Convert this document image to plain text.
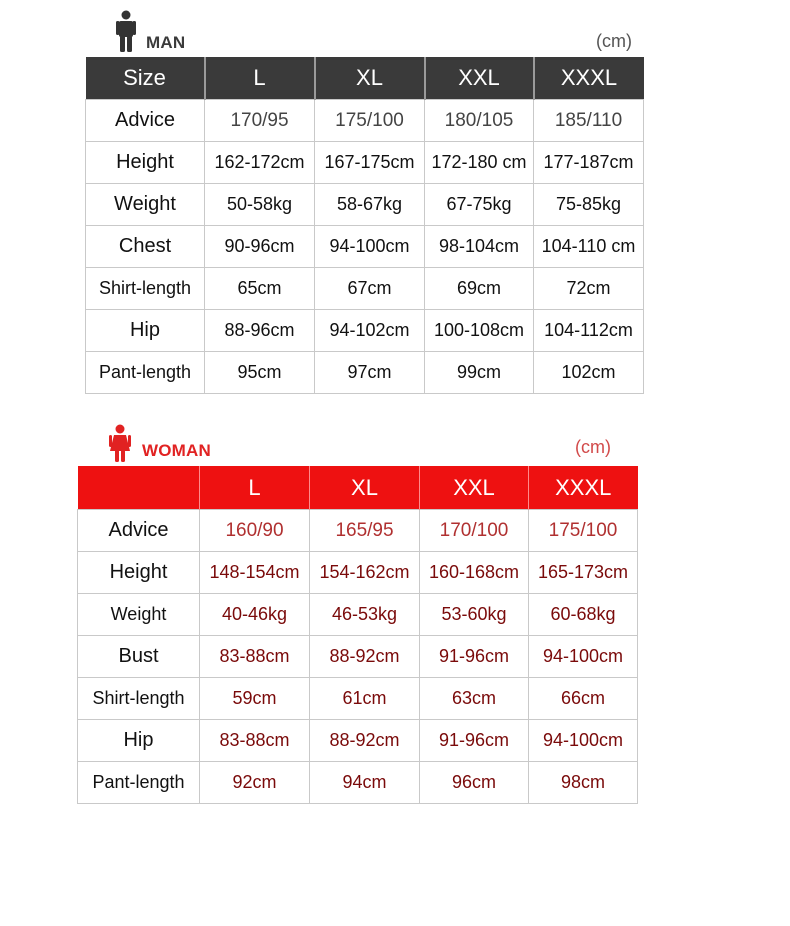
MAN	(cm)
Size	L	XL	XXL	XXXL
Advice	170/95	175/100	180/105	185/110
Height	162-172cm	167-175cm	172-180 cm	177-187cm
Weight	50-58kg	58-67kg	67-75kg	75-85kg
Chest	90-96cm	94-100cm	98-104cm	104-110 cm
Shirt-length	65cm	67cm	69cm	72cm
Hip	88-96cm	94-102cm	100-108cm	104-112cm
Pant-length	95cm	97cm	99cm	102cm
WOMAN	(cm)
	L	XL	XXL	XXXL
Advice	160/90	165/95	170/100	175/100
Height	148-154cm	154-162cm	160-168cm	165-173cm
Weight	40-46kg	46-53kg	53-60kg	60-68kg
Bust	83-88cm	88-92cm	91-96cm	94-100cm
Shirt-length	59cm	61cm	63cm	66cm
Hip	83-88cm	88-92cm	91-96cm	94-100cm
Pant-length	92cm	94cm	96cm	98cm
